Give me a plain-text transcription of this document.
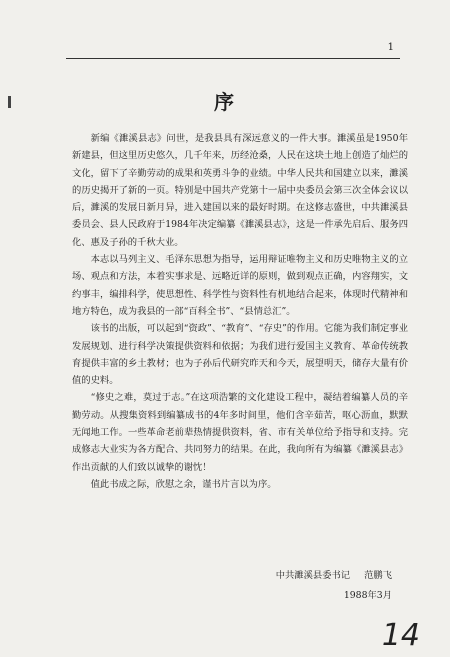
1
序

新编《濉溪县志》问世，是我县具有深远意义的一件大事。濉溪虽是1950年新建县，但这里历史悠久，几千年来，历经沧桑，人民在这块土地上创造了灿烂的文化，留下了辛勤劳动的成果和英勇斗争的业绩。中华人民共和国建立以来，濉溪的历史揭开了新的一页。特别是中国共产党第十一届中央委员会第三次全体会议以后，濉溪的发展日新月异，进入建国以来的最好时期。在这修志盛世，中共濉溪县委员会、县人民政府于1984年决定编纂《濉溪县志》，这是一件承先启后、服务四化、惠及子孙的千秋大业。

本志以马列主义、毛泽东思想为指导，运用辩证唯物主义和历史唯物主义的立场、观点和方法，本着实事求是、远略近详的原则，做到观点正确，内容翔实，文约事丰，编排科学，使思想性、科学性与资料性有机地结合起来，体现时代精神和地方特色，成为我县的一部“百科全书”、“县情总汇”。

该书的出版，可以起到“资政”、“教育”、“存史”的作用。它能为我们制定事业发展规划、进行科学决策提供资料和依据；为我们进行爱国主义教育、革命传统教育提供丰富的乡土教材；也为子孙后代研究昨天和今天，展望明天，储存大量有价值的史料。

“修史之难，莫过于志。”在这项浩繁的文化建设工程中，凝结着编纂人员的辛勤劳动。从搜集资料到编纂成书的4年多时间里，他们含辛茹苦，呕心沥血，默默无闻地工作。一些革命老前辈热情提供资料，省、市有关单位给予指导和支持。完成修志大业实为各方配合、共同努力的结果。在此，我向所有为编纂《濉溪县志》作出贡献的人们致以诚挚的谢忱！

值此书成之际，欣慰之余，谨书片言以为序。

中共濉溪县委书记 范鹏飞
1988年3月
14
